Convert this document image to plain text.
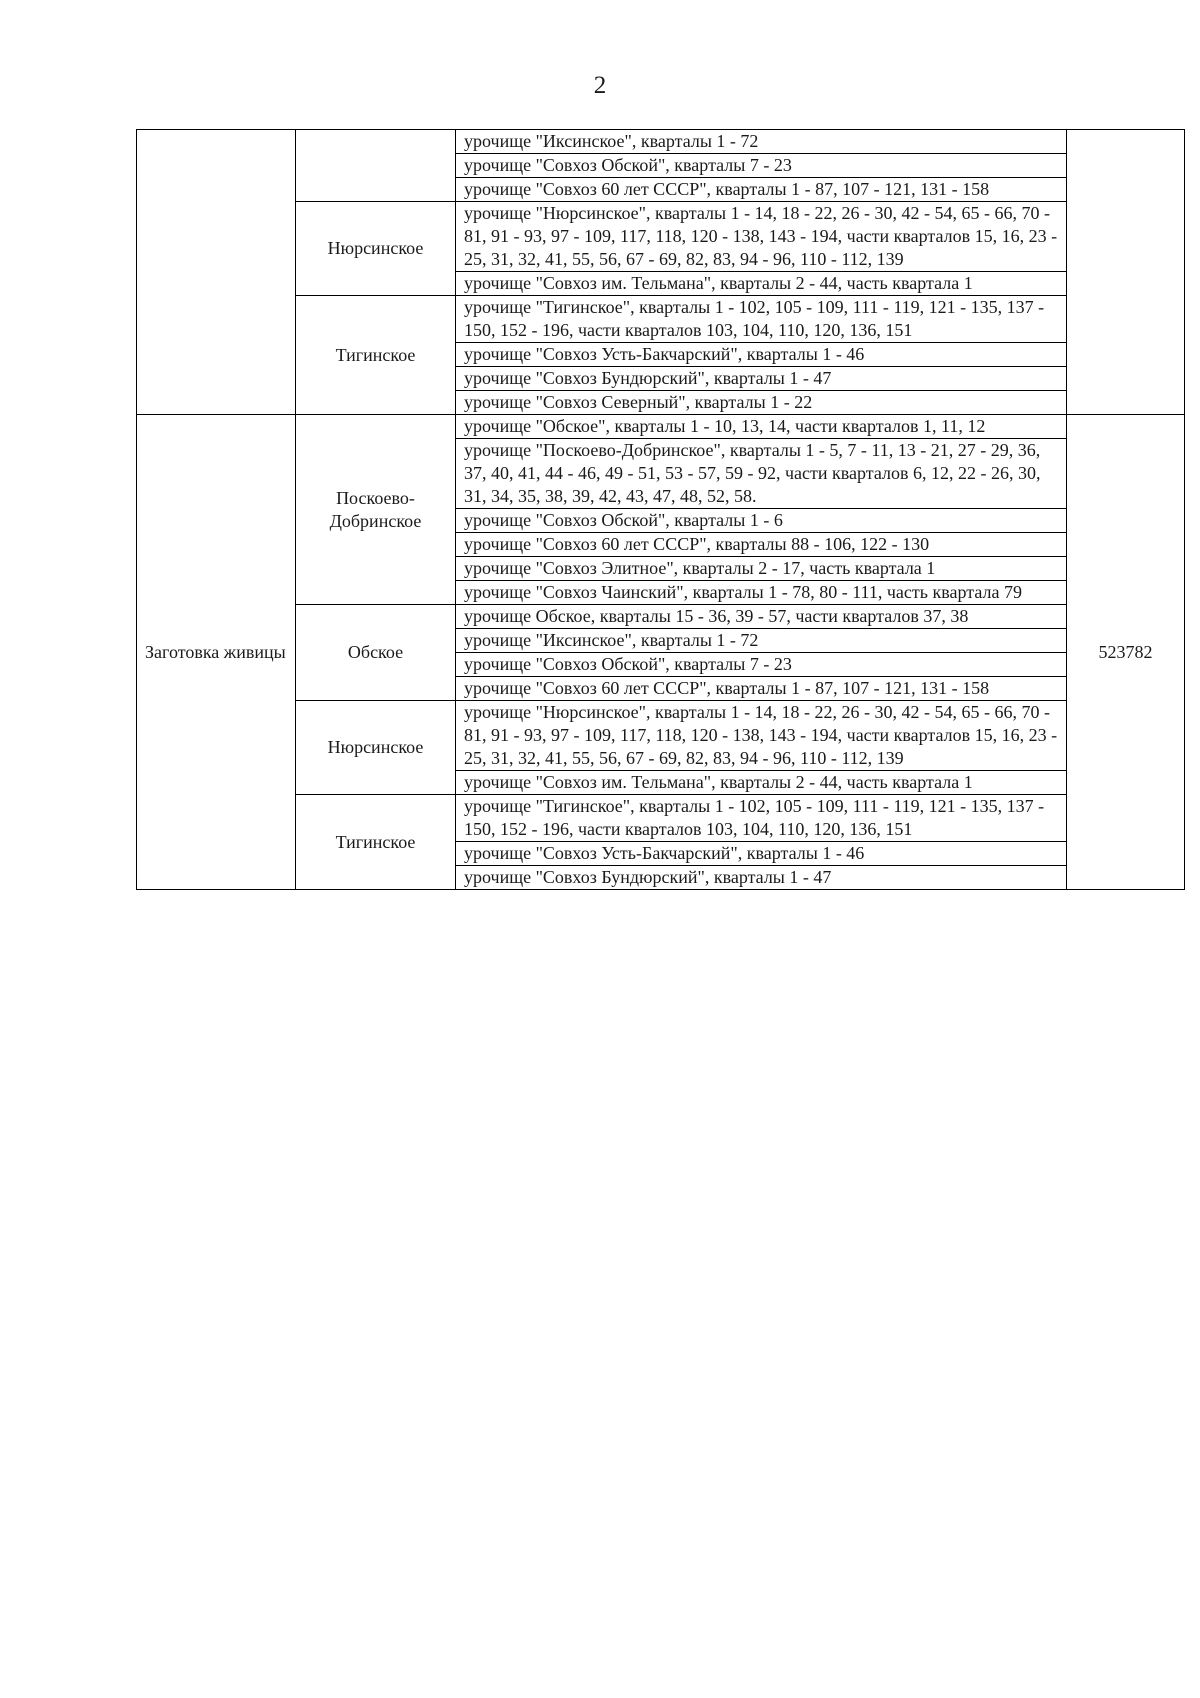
2
		урочище "Иксинское", кварталы 1 - 72	
		урочище "Совхоз Обской", кварталы 7 - 23	
		урочище "Совхоз 60 лет СССР", кварталы 1 - 87, 107 - 121, 131 - 158	
	Нюрсинское	урочище "Нюрсинское", кварталы 1 - 14, 18 - 22, 26 - 30, 42 - 54, 65 - 66, 70 - 81, 91 - 93, 97 - 109, 117, 118, 120 - 138, 143 - 194, части кварталов 15, 16, 23 - 25, 31, 32, 41, 55, 56, 67 - 69, 82, 83, 94 - 96, 110 - 112, 139	
		урочище "Совхоз им. Тельмана", кварталы 2 - 44, часть квартала 1	
	Тигинское	урочище "Тигинское", кварталы 1 - 102, 105 - 109, 111 - 119, 121 - 135, 137 - 150, 152 - 196, части кварталов 103, 104, 110, 120, 136, 151	
		урочище "Совхоз Усть-Бакчарский", кварталы 1 - 46	
		урочище "Совхоз Бундюрский", кварталы 1 - 47	
		урочище "Совхоз Северный", кварталы 1 - 22	
Заготовка живицы	Поскоево-Добринское	урочище "Обское", кварталы 1 - 10, 13, 14, части кварталов 1, 11, 12	523782
		урочище "Поскоево-Добринское", кварталы 1 - 5, 7 - 11, 13 - 21, 27 - 29, 36, 37, 40, 41, 44 - 46, 49 - 51, 53 - 57, 59 - 92, части кварталов 6, 12, 22 - 26, 30, 31, 34, 35, 38, 39, 42, 43, 47, 48, 52, 58.	
		урочище "Совхоз Обской", кварталы 1 - 6	
		урочище "Совхоз 60 лет СССР", кварталы 88 - 106, 122 - 130	
		урочище "Совхоз Элитное", кварталы 2 - 17, часть квартала 1	
		урочище "Совхоз Чаинский", кварталы 1 - 78, 80 - 111, часть квартала 79	
	Обское	урочище Обское, кварталы 15 - 36, 39 - 57, части кварталов 37, 38	
		урочище "Иксинское", кварталы 1 - 72	
		урочище "Совхоз Обской", кварталы 7 - 23	
		урочище "Совхоз 60 лет СССР", кварталы 1 - 87, 107 - 121, 131 - 158	
	Нюрсинское	урочище "Нюрсинское", кварталы 1 - 14, 18 - 22, 26 - 30, 42 - 54, 65 - 66, 70 - 81, 91 - 93, 97 - 109, 117, 118, 120 - 138, 143 - 194, части кварталов 15, 16, 23 - 25, 31, 32, 41, 55, 56, 67 - 69, 82, 83, 94 - 96, 110 - 112, 139	
		урочище "Совхоз им. Тельмана", кварталы 2 - 44, часть квартала 1	
	Тигинское	урочище "Тигинское", кварталы 1 - 102, 105 - 109, 111 - 119, 121 - 135, 137 - 150, 152 - 196, части кварталов 103, 104, 110, 120, 136, 151	
		урочище "Совхоз Усть-Бакчарский", кварталы 1 - 46	
		урочище "Совхоз Бундюрский", кварталы 1 - 47	
